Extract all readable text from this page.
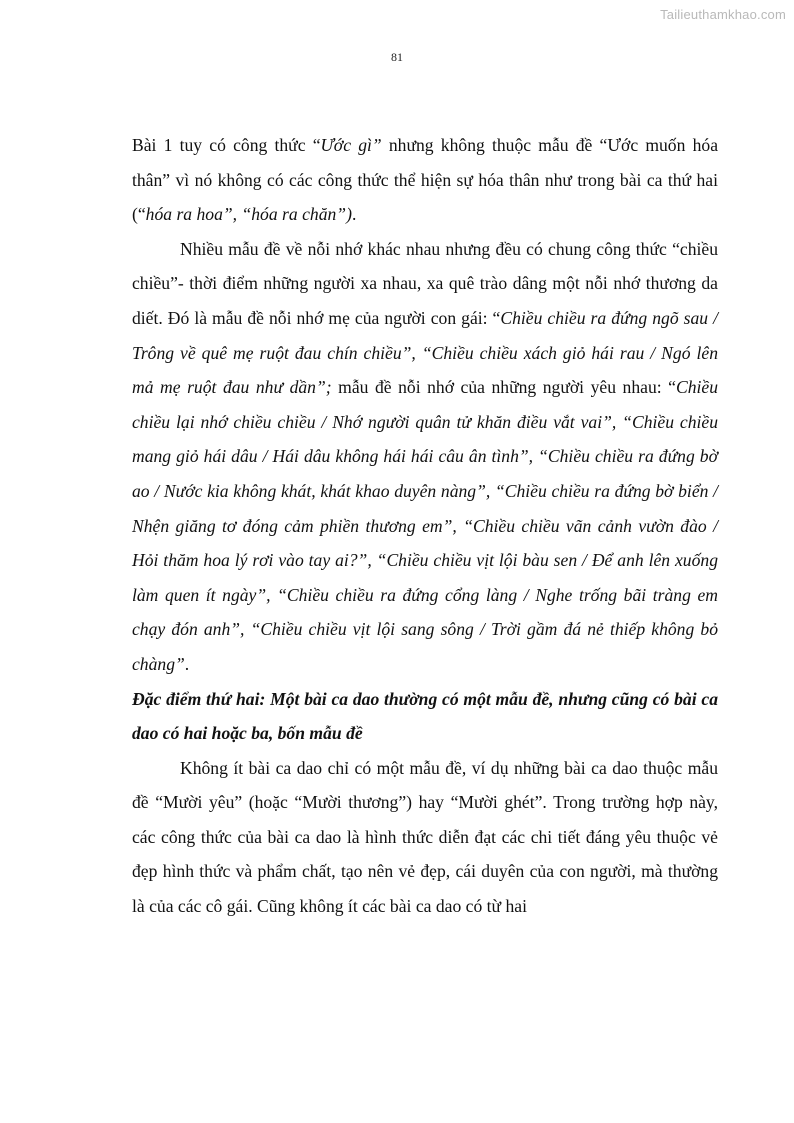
Tailieuthamkhao.com
81

Bài 1 tuy có công thức “Ước gì” nhưng không thuộc mẫu đề “Ước muốn hóa thân” vì nó không có các công thức thể hiện sự hóa thân như trong bài ca thứ hai (“hóa ra hoa”, “hóa ra chăn”).

Nhiều mẫu đề về nỗi nhớ khác nhau nhưng đều có chung công thức “chiều chiều”- thời điểm những người xa nhau, xa quê trào dâng một nỗi nhớ thương da diết. Đó là mẫu đề nỗi nhớ mẹ của người con gái: “Chiều chiều ra đứng ngõ sau / Trông về quê mẹ ruột đau chín chiều”, “Chiều chiều xách giỏ hái rau / Ngó lên mả mẹ ruột đau như dần”; mẫu đề nỗi nhớ của những người yêu nhau: “Chiều chiều lại nhớ chiều chiều / Nhớ người quân tử khăn điều vắt vai”, “Chiều chiều mang giỏ hái dâu / Hái dâu không hái hái câu ân tình”, “Chiều chiều ra đứng bờ ao / Nước kia không khát, khát khao duyên nàng”, “Chiều chiều ra đứng bờ biển / Nhện giăng tơ đóng cảm phiền thương em”, “Chiều chiều vãn cảnh vườn đào / Hỏi thăm hoa lý rơi vào tay ai?”, “Chiều chiều vịt lội bàu sen / Để anh lên xuống làm quen ít ngày”, “Chiều chiều ra đứng cổng làng / Nghe trống bãi tràng em chạy đón anh”, “Chiều chiều vịt lội sang sông / Trời gầm đá nẻ thiếp không bỏ chàng”.

Đặc điểm thứ hai: Một bài ca dao thường có một mẫu đề, nhưng cũng có bài ca dao có hai hoặc ba, bốn mẫu đề

Không ít bài ca dao chỉ có một mẫu đề, ví dụ những bài ca dao thuộc mẫu đề “Mười yêu” (hoặc “Mười thương”) hay “Mười ghét”. Trong trường hợp này, các công thức của bài ca dao là hình thức diễn đạt các chi tiết đáng yêu thuộc vẻ đẹp hình thức và phẩm chất, tạo nên vẻ đẹp, cái duyên của con người, mà thường là của các cô gái. Cũng không ít các bài ca dao có từ hai
